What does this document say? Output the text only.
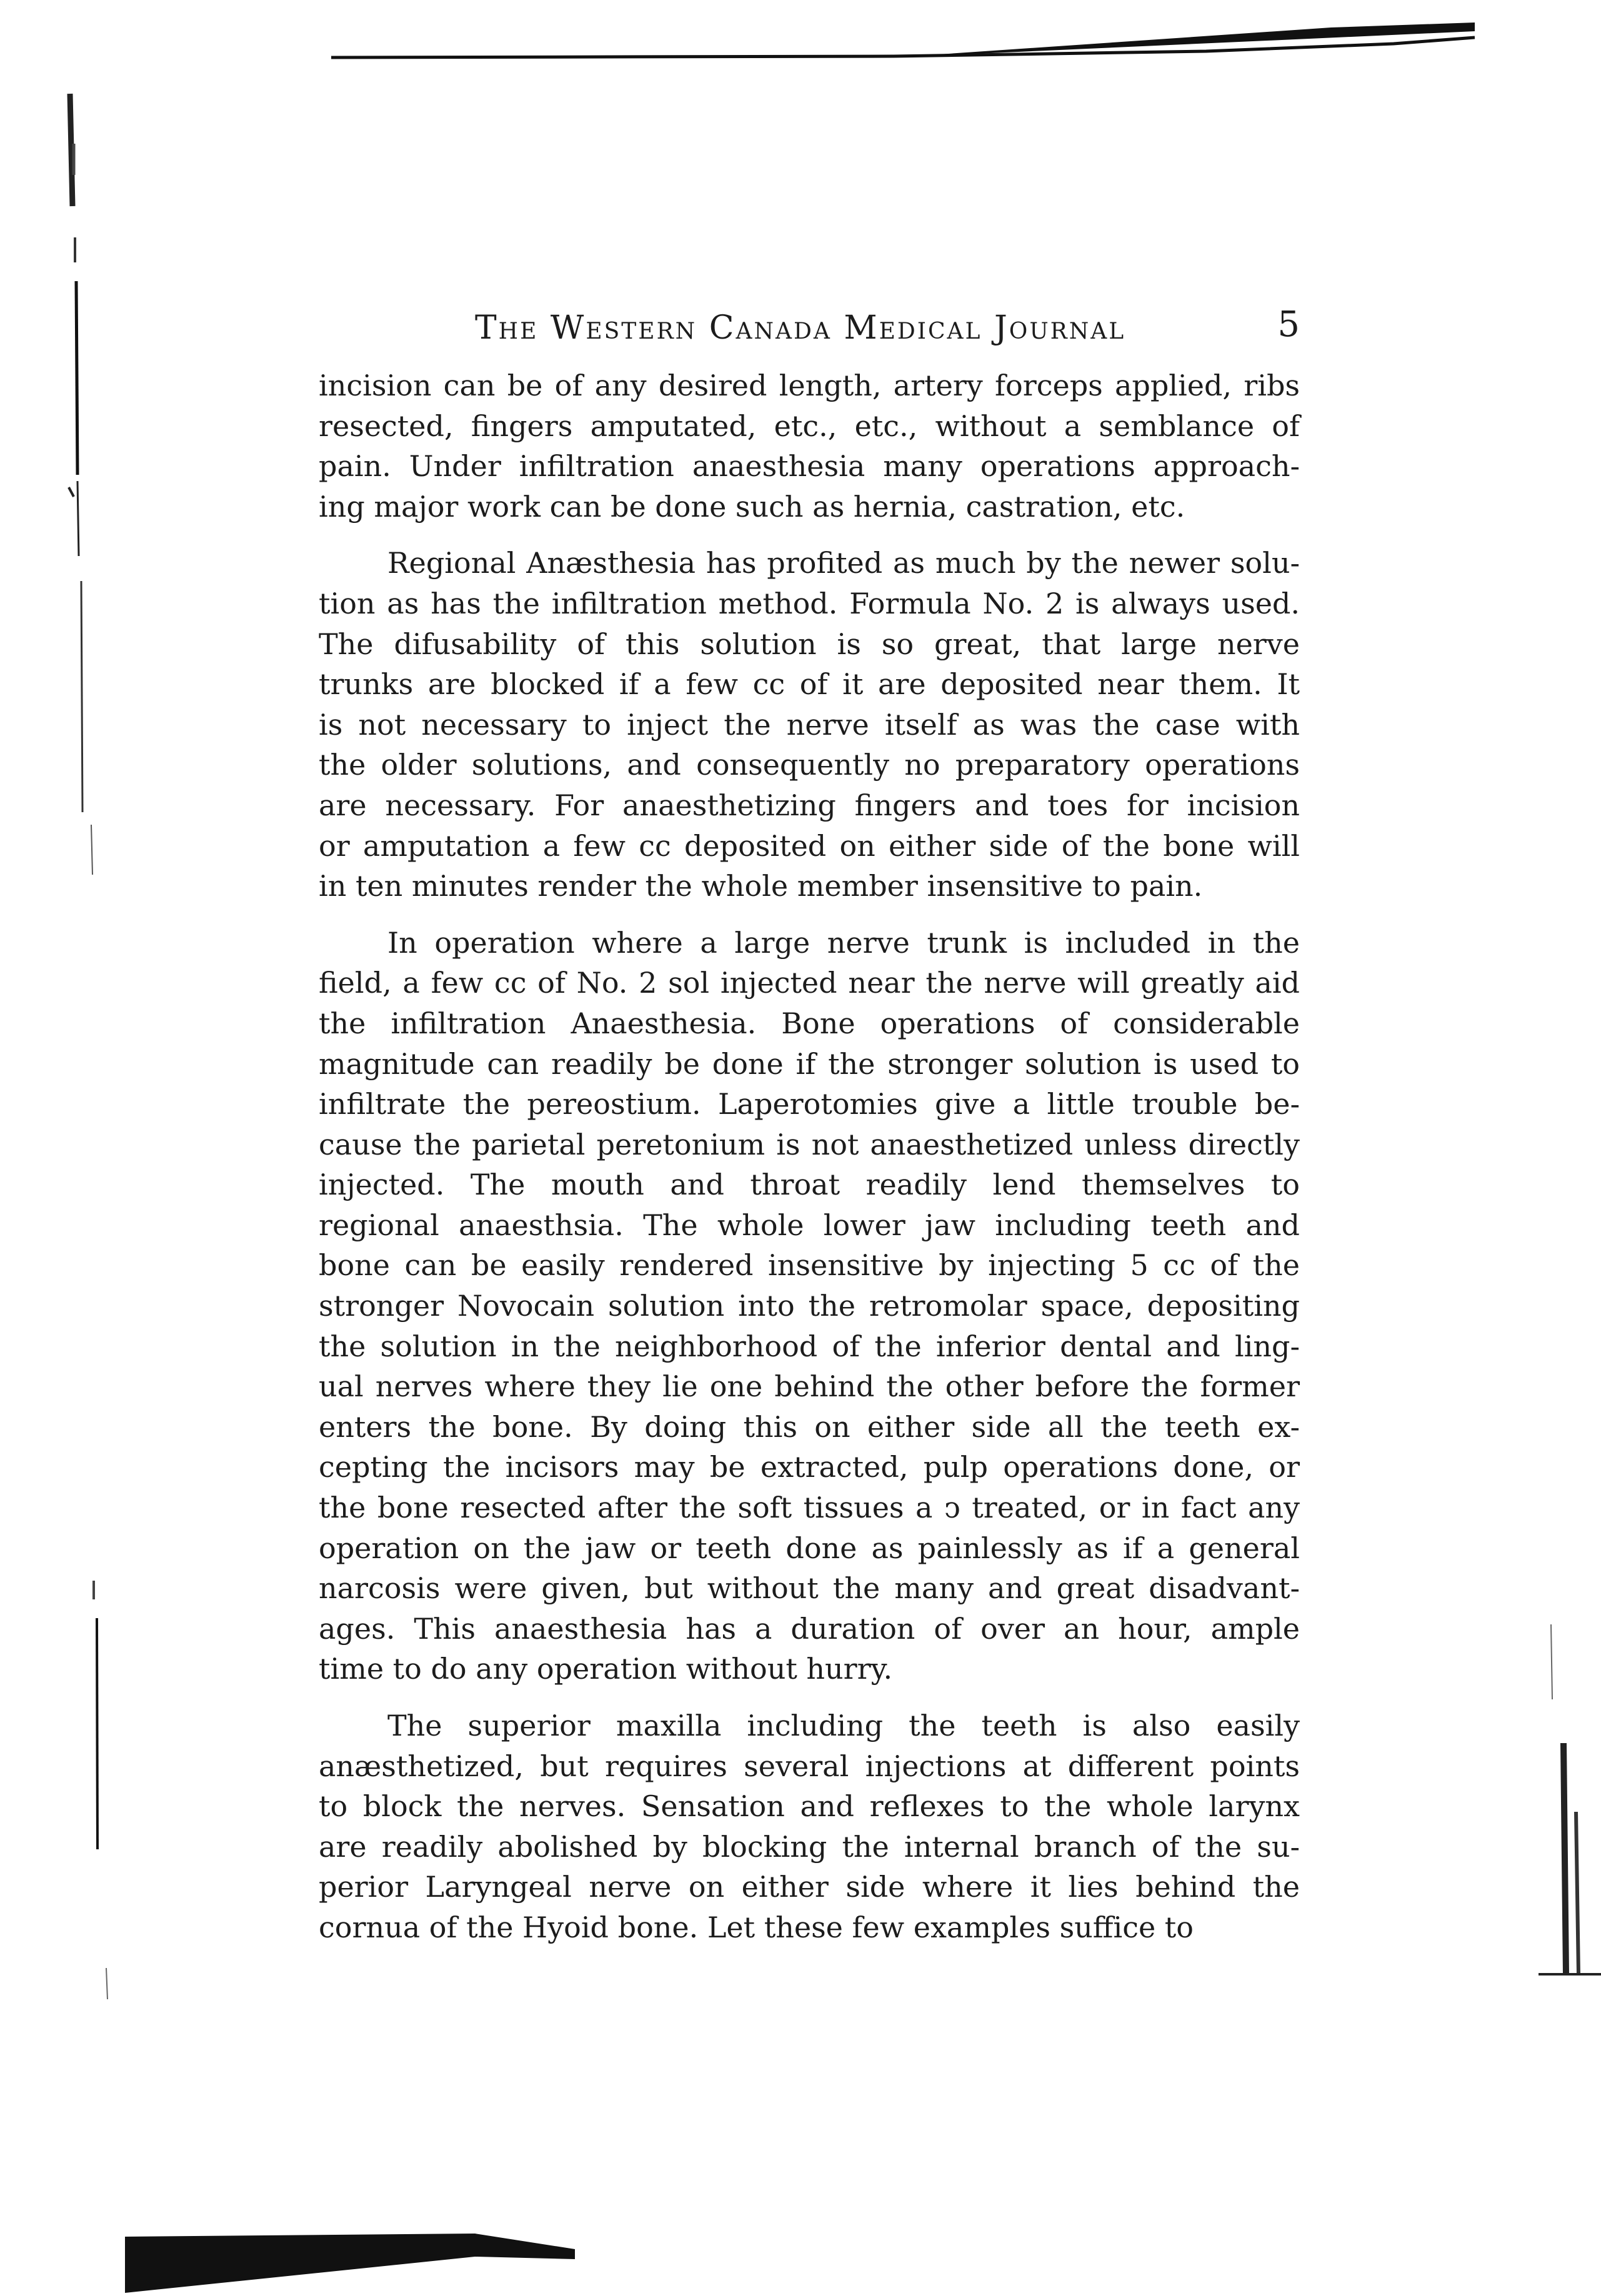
The Western Canada Medical Journal	5

incision can be of any desired length, artery forceps applied, ribs
resected, fingers amputated, etc., etc., without a semblance of
pain. Under infiltration anaesthesia many operations approach-
ing major work can be done such as hernia, castration, etc.

Regional Anæsthesia has profited as much by the newer solu-
tion as has the infiltration method. Formula No. 2 is always used.
The difusability of this solution is so great, that large nerve
trunks are blocked if a few cc of it are deposited near them. It
is not necessary to inject the nerve itself as was the case with
the older solutions, and consequently no preparatory operations
are necessary. For anaesthetizing fingers and toes for incision
or amputation a few cc deposited on either side of the bone will
in ten minutes render the whole member insensitive to pain.

In operation where a large nerve trunk is included in the
field, a few cc of No. 2 sol injected near the nerve will greatly aid
the infiltration Anaesthesia. Bone operations of considerable
magnitude can readily be done if the stronger solution is used to
infiltrate the pereostium. Laperotomies give a little trouble be-
cause the parietal peretonium is not anaesthetized unless directly
injected. The mouth and throat readily lend themselves to
regional anaesthsia. The whole lower jaw including teeth and
bone can be easily rendered insensitive by injecting 5 cc of the
stronger Novocain solution into the retromolar space, depositing
the solution in the neighborhood of the inferior dental and ling-
ual nerves where they lie one behind the other before the former
enters the bone. By doing this on either side all the teeth ex-
cepting the incisors may be extracted, pulp operations done, or
the bone resected after the soft tissues a ↄ treated, or in fact any
operation on the jaw or teeth done as painlessly as if a general
narcosis were given, but without the many and great disadvant-
ages. This anaesthesia has a duration of over an hour, ample
time to do any operation without hurry.

The superior maxilla including the teeth is also easily
anæsthetized, but requires several injections at different points
to block the nerves. Sensation and reflexes to the whole larynx
are readily abolished by blocking the internal branch of the su-
perior Laryngeal nerve on either side where it lies behind the
cornua of the Hyoid bone. Let these few examples suffice to
